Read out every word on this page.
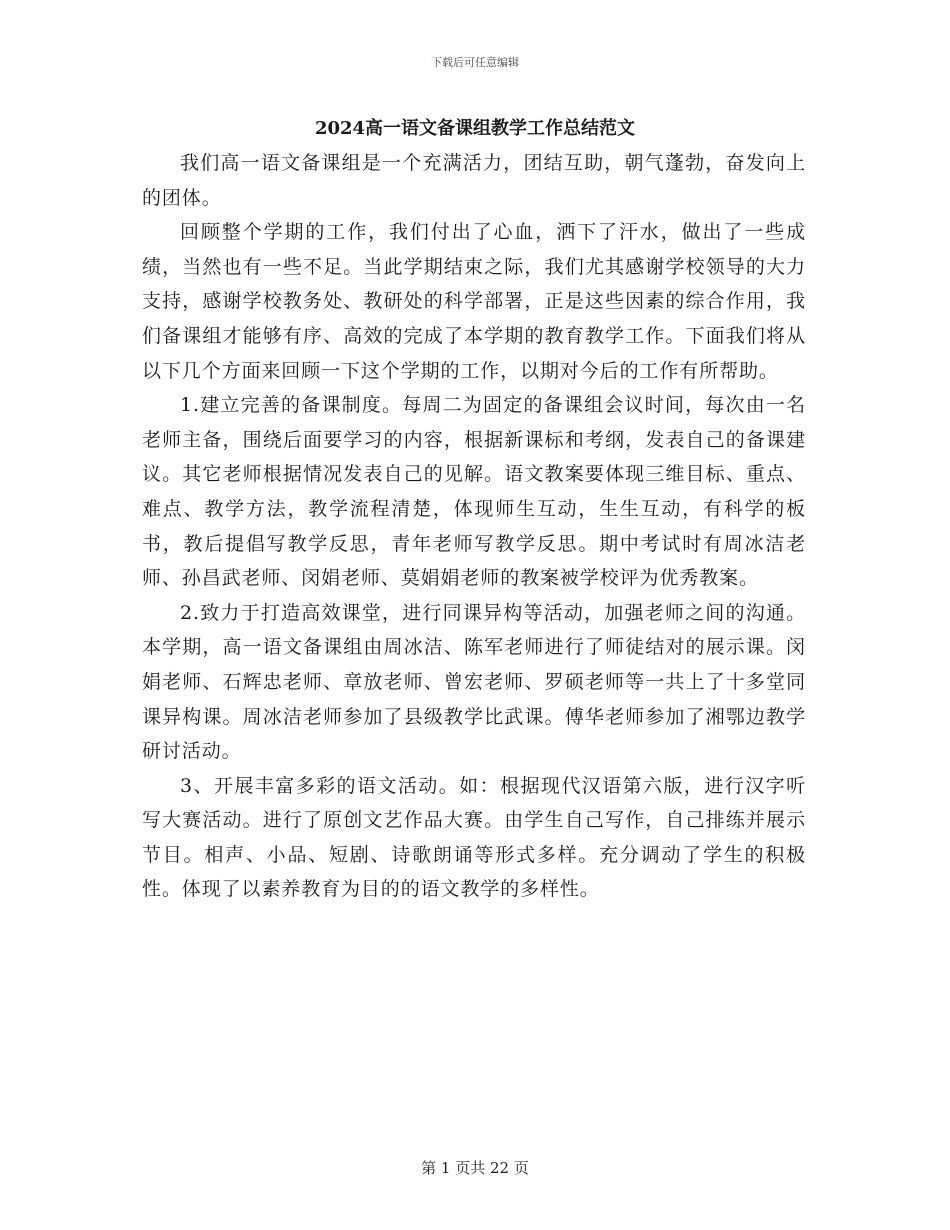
下载后可任意编辑
2024高一语文备课组教学工作总结范文

我们高一语文备课组是一个充满活力，团结互助，朝气蓬勃，奋发向上的团体。

回顾整个学期的工作，我们付出了心血，洒下了汗水，做出了一些成绩，当然也有一些不足。当此学期结束之际，我们尤其感谢学校领导的大力支持，感谢学校教务处、教研处的科学部署，正是这些因素的综合作用，我们备课组才能够有序、高效的完成了本学期的教育教学工作。下面我们将从以下几个方面来回顾一下这个学期的工作，以期对今后的工作有所帮助。

1.建立完善的备课制度。每周二为固定的备课组会议时间，每次由一名老师主备，围绕后面要学习的内容，根据新课标和考纲，发表自己的备课建议。其它老师根据情况发表自己的见解。语文教案要体现三维目标、重点、难点、教学方法，教学流程清楚，体现师生互动，生生互动，有科学的板书，教后提倡写教学反思，青年老师写教学反思。期中考试时有周冰洁老师、孙昌武老师、闵娟老师、莫娟娟老师的教案被学校评为优秀教案。

2.致力于打造高效课堂，进行同课异构等活动，加强老师之间的沟通。本学期，高一语文备课组由周冰洁、陈军老师进行了师徒结对的展示课。闵娟老师、石辉忠老师、章放老师、曾宏老师、罗硕老师等一共上了十多堂同课异构课。周冰洁老师参加了县级教学比武课。傅华老师参加了湘鄂边教学研讨活动。

3、开展丰富多彩的语文活动。如：根据现代汉语第六版，进行汉字听写大赛活动。进行了原创文艺作品大赛。由学生自己写作，自己排练并展示节目。相声、小品、短剧、诗歌朗诵等形式多样。充分调动了学生的积极性。体现了以素养教育为目的的语文教学的多样性。

第 1 页共 22 页
